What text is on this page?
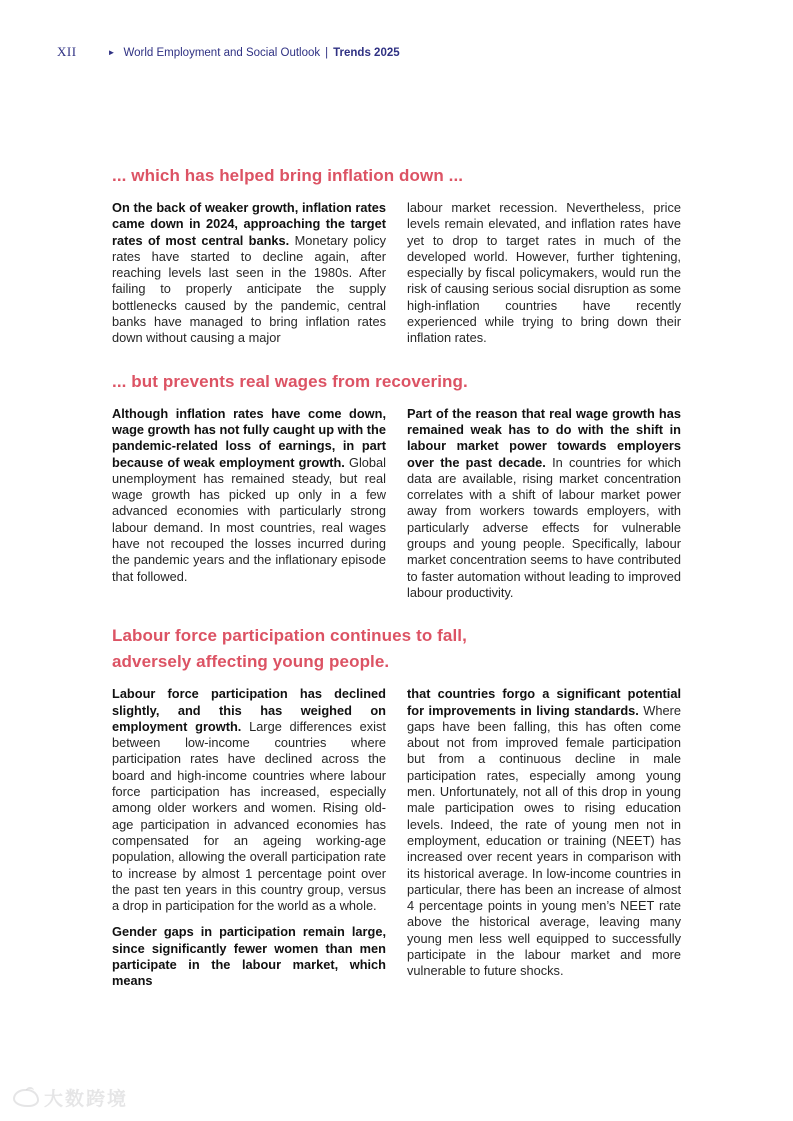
XII	► World Employment and Social Outlook | Trends 2025
... which has helped bring inflation down ...

On the back of weaker growth, inflation rates came down in 2024, approaching the target rates of most central banks. Monetary policy rates have started to decline again, after reaching levels last seen in the 1980s. After failing to properly anticipate the supply bottlenecks caused by the pandemic, central banks have managed to bring inflation rates down without causing a major

labour market recession. Nevertheless, price levels remain elevated, and inflation rates have yet to drop to target rates in much of the developed world. However, further tightening, especially by fiscal policymakers, would run the risk of causing serious social disruption as some high-inflation countries have recently experienced while trying to bring down their inflation rates.

... but prevents real wages from recovering.

Although inflation rates have come down, wage growth has not fully caught up with the pandemic-related loss of earnings, in part because of weak employment growth. Global unemployment has remained steady, but real wage growth has picked up only in a few advanced economies with particularly strong labour demand. In most countries, real wages have not recouped the losses incurred during the pandemic years and the inflationary episode that followed.

Part of the reason that real wage growth has remained weak has to do with the shift in labour market power towards employers over the past decade. In countries for which data are available, rising market concentration correlates with a shift of labour market power away from workers towards employers, with particularly adverse effects for vulnerable groups and young people. Specifically, labour market concentration seems to have contributed to faster automation without leading to improved labour productivity.

Labour force participation continues to fall,
adversely affecting young people.

Labour force participation has declined slightly, and this has weighed on employment growth. Large differences exist between low-income countries where participation rates have declined across the board and high-income countries where labour force participation has increased, especially among older workers and women. Rising old-age participation in advanced economies has compensated for an ageing working-age population, allowing the overall participation rate to increase by almost 1 percentage point over the past ten years in this country group, versus a drop in participation for the world as a whole.

Gender gaps in participation remain large, since significantly fewer women than men participate in the labour market, which means

that countries forgo a significant potential for improvements in living standards. Where gaps have been falling, this has often come about not from improved female participation but from a continuous decline in male participation rates, especially among young men. Unfortunately, not all of this drop in young male participation owes to rising education levels. Indeed, the rate of young men not in employment, education or training (NEET) has increased over recent years in comparison with its historical average. In low-income countries in particular, there has been an increase of almost 4 percentage points in young men’s NEET rate above the historical average, leaving many young men less well equipped to successfully participate in the labour market and more vulnerable to future shocks.

大数跨境
